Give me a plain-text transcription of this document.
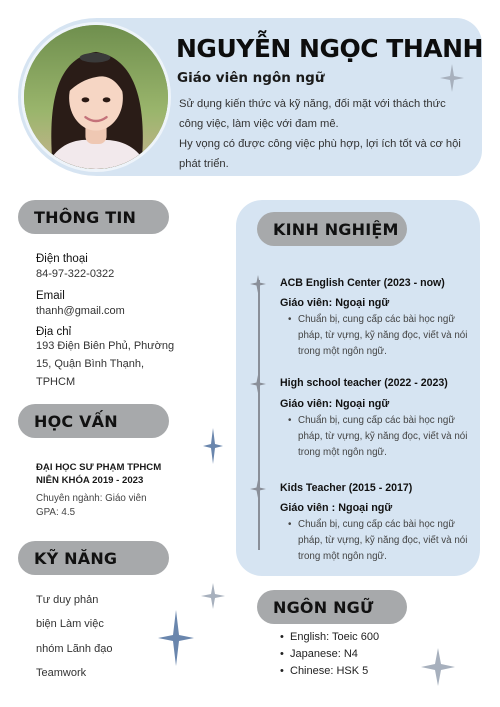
NGUYỄN NGỌC THANH
Giáo viên ngôn ngữ

Sử dụng kiến thức và kỹ năng, đối mặt với thách thức công việc, làm việc với đam mê.

Hy vọng có được công việc phù hợp, lợi ích tốt và cơ hội phát triển.

THÔNG TIN
Điện thoại
84-97-322-0322
Email
thanh@gmail.com
Địa chỉ
193 Điện Biên Phủ, Phường 15, Quận Bình Thạnh, TPHCM
HỌC VẤN
ĐẠI HỌC SƯ PHẠM TPHCM
NIÊN KHÓA 2019 - 2023
Chuyên ngành: Giáo viên
GPA: 4.5
KỸ NĂNG
Tư duy phản
biện Làm việc
nhóm Lãnh đạo
Teamwork
KINH NGHIỆM
ACB English Center (2023 - now)
Giáo viên: Ngoại ngữ
• Chuẩn bị, cung cấp các bài học ngữ pháp, từ vựng, kỹ năng đọc, viết và nói trong một ngôn ngữ.
High school teacher (2022 - 2023)
Giáo viên: Ngoại ngữ
• Chuẩn bị, cung cấp các bài học ngữ pháp, từ vựng, kỹ năng đọc, viết và nói trong một ngôn ngữ.
Kids Teacher (2015 - 2017)
Giáo viên : Ngoại ngữ
• Chuẩn bị, cung cấp các bài học ngữ pháp, từ vựng, kỹ năng đọc, viết và nói trong một ngôn ngữ.
NGÔN NGỮ
• English: Toeic 600
• Japanese: N4
• Chinese: HSK 5
